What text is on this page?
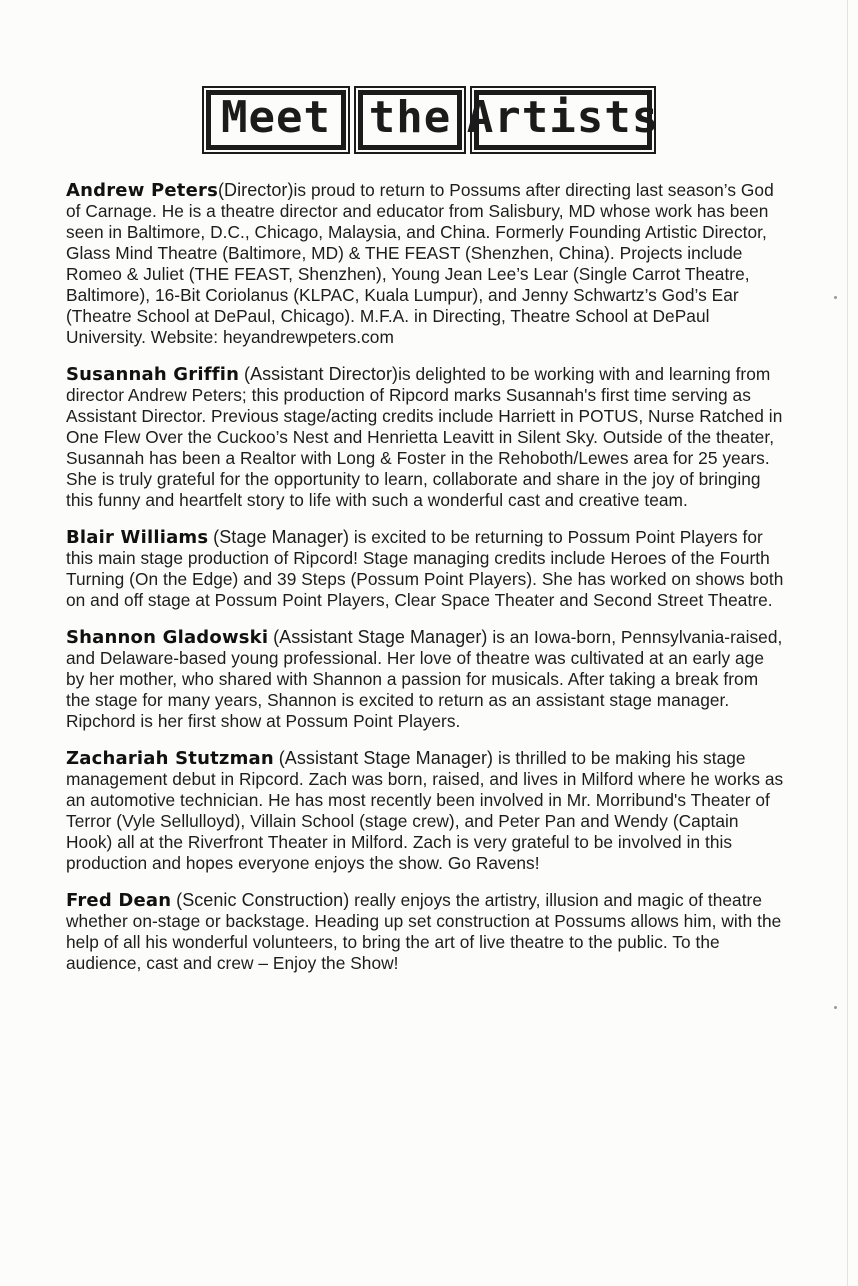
Meet the Artists

Andrew Peters(Director)is proud to return to Possums after directing last season’s God of Carnage. He is a theatre director and educator from Salisbury, MD whose work has been seen in Baltimore, D.C., Chicago, Malaysia, and China. Formerly Founding Artistic Director, Glass Mind Theatre (Baltimore, MD) & THE FEAST (Shenzhen, China). Projects include Romeo & Juliet (THE FEAST, Shenzhen), Young Jean Lee’s Lear (Single Carrot Theatre, Baltimore), 16-Bit Coriolanus (KLPAC, Kuala Lumpur), and Jenny Schwartz’s God’s Ear (Theatre School at DePaul, Chicago). M.F.A. in Directing, Theatre School at DePaul University. Website: heyandrewpeters.com

Susannah Griffin (Assistant Director)is delighted to be working with and learning from director Andrew Peters; this production of Ripcord marks Susannah's first time serving as Assistant Director. Previous stage/acting credits include Harriett in POTUS, Nurse Ratched in One Flew Over the Cuckoo’s Nest and Henrietta Leavitt in Silent Sky. Outside of the theater, Susannah has been a Realtor with Long & Foster in the Rehoboth/Lewes area for 25 years. She is truly grateful for the opportunity to learn, collaborate and share in the joy of bringing this funny and heartfelt story to life with such a wonderful cast and creative team.

Blair Williams (Stage Manager) is excited to be returning to Possum Point Players for this main stage production of Ripcord! Stage managing credits include Heroes of the Fourth Turning (On the Edge) and 39 Steps (Possum Point Players). She has worked on shows both on and off stage at Possum Point Players, Clear Space Theater and Second Street Theatre.

Shannon Gladowski (Assistant Stage Manager) is an Iowa-born, Pennsylvania-raised, and Delaware-based young professional. Her love of theatre was cultivated at an early age by her mother, who shared with Shannon a passion for musicals. After taking a break from the stage for many years, Shannon is excited to return as an assistant stage manager. Ripchord is her first show at Possum Point Players.

Zachariah Stutzman (Assistant Stage Manager) is thrilled to be making his stage management debut in Ripcord. Zach was born, raised, and lives in Milford where he works as an automotive technician. He has most recently been involved in Mr. Morribund's Theater of Terror (Vyle Sellulloyd), Villain School (stage crew), and Peter Pan and Wendy (Captain Hook) all at the Riverfront Theater in Milford. Zach is very grateful to be involved in this production and hopes everyone enjoys the show. Go Ravens!

Fred Dean (Scenic Construction) really enjoys the artistry, illusion and magic of theatre whether on-stage or backstage. Heading up set construction at Possums allows him, with the help of all his wonderful volunteers, to bring the art of live theatre to the public. To the audience, cast and crew – Enjoy the Show!
